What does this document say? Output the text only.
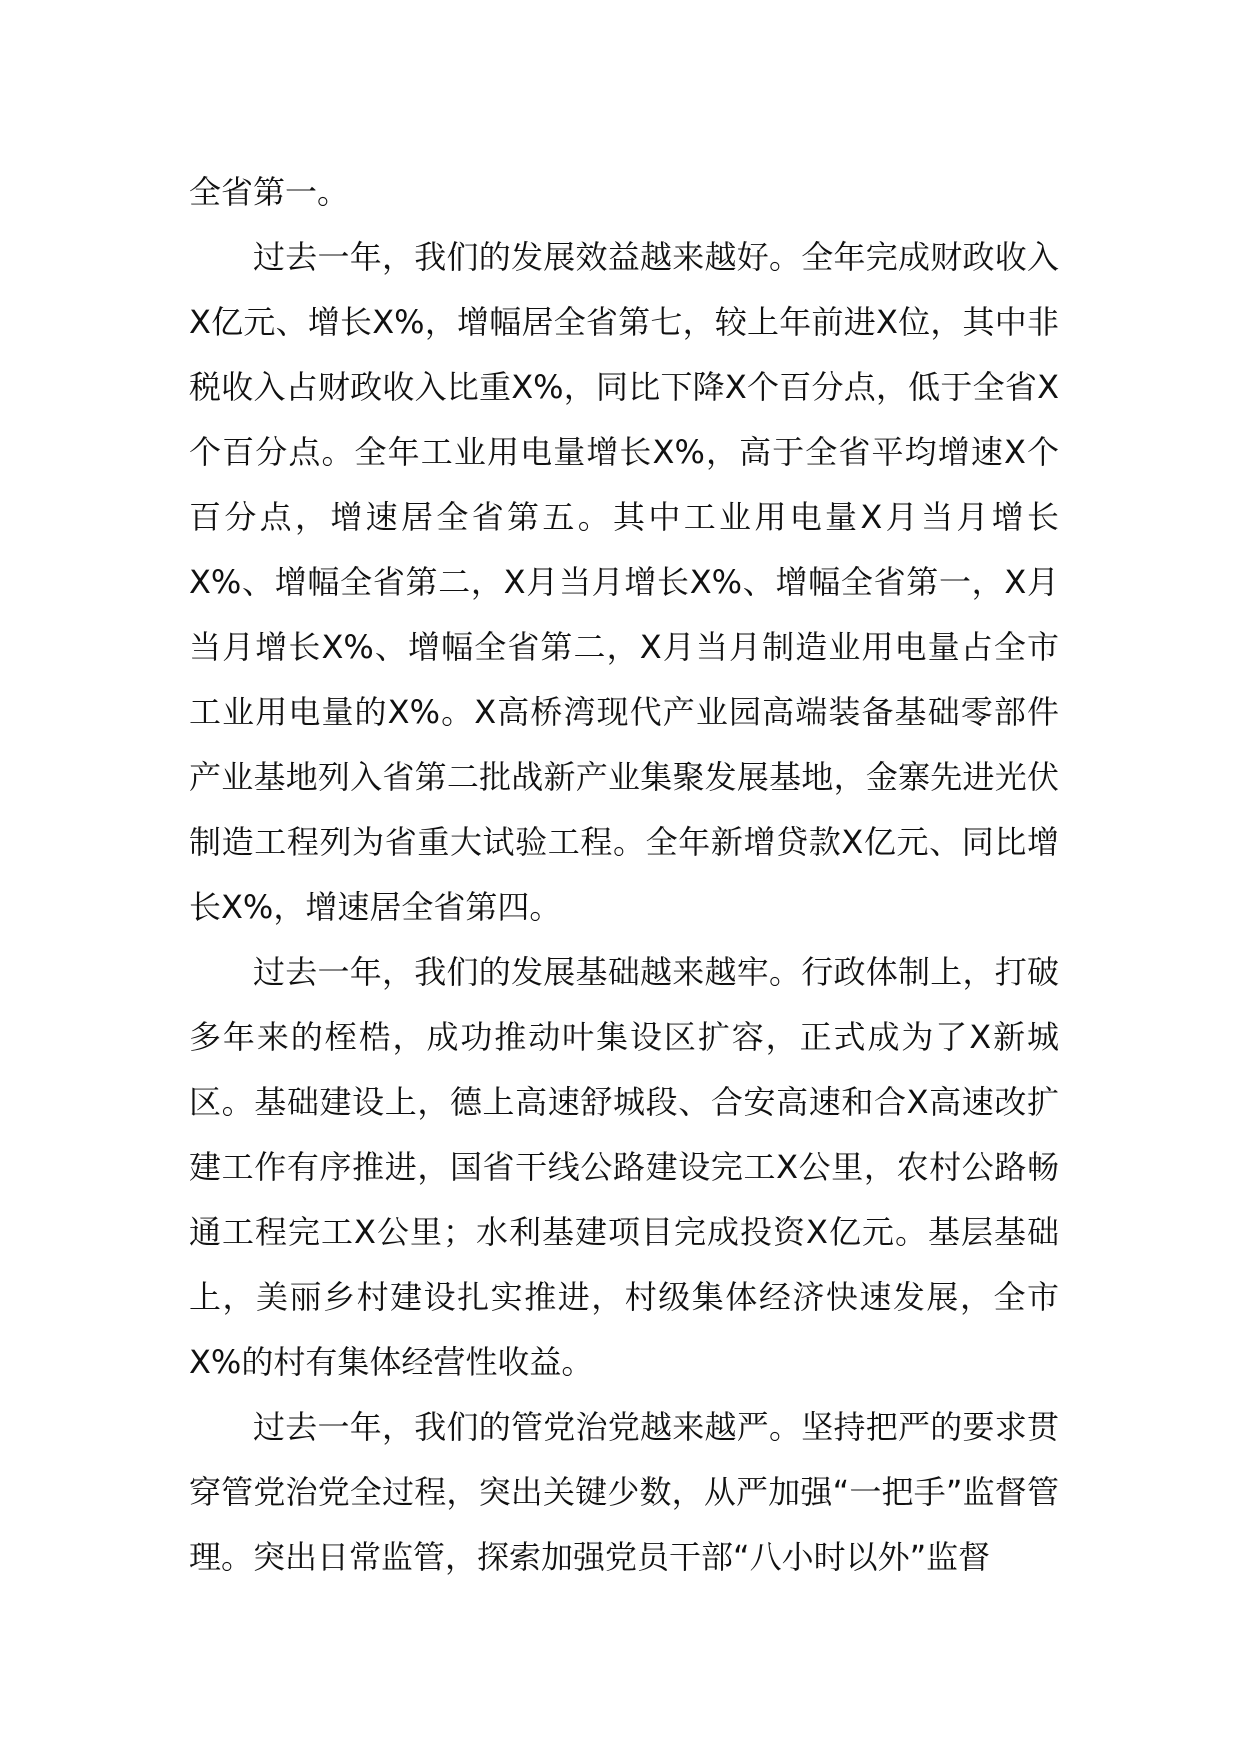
全省第一。

过去一年，我们的发展效益越来越好。全年完成财政收入X亿元、增长X%，增幅居全省第七，较上年前进X位，其中非税收入占财政收入比重X%，同比下降X个百分点，低于全省X个百分点。全年工业用电量增长X%，高于全省平均增速X个百分点，增速居全省第五。其中工业用电量X月当月增长X%、增幅全省第二，X月当月增长X%、增幅全省第一，X月当月增长X%、增幅全省第二，X月当月制造业用电量占全市工业用电量的X%。X高桥湾现代产业园高端装备基础零部件产业基地列入省第二批战新产业集聚发展基地，金寨先进光伏制造工程列为省重大试验工程。全年新增贷款X亿元、同比增长X%，增速居全省第四。

过去一年，我们的发展基础越来越牢。行政体制上，打破多年来的桎梏，成功推动叶集设区扩容，正式成为了X新城区。基础建设上，德上高速舒城段、合安高速和合X高速改扩建工作有序推进，国省干线公路建设完工X公里，农村公路畅通工程完工X公里；水利基建项目完成投资X亿元。基层基础上，美丽乡村建设扎实推进，村级集体经济快速发展，全市X%的村有集体经营性收益。

过去一年，我们的管党治党越来越严。坚持把严的要求贯穿管党治党全过程，突出关键少数，从严加强“一把手”监督管理。突出日常监管，探索加强党员干部“八小时以外”监督
